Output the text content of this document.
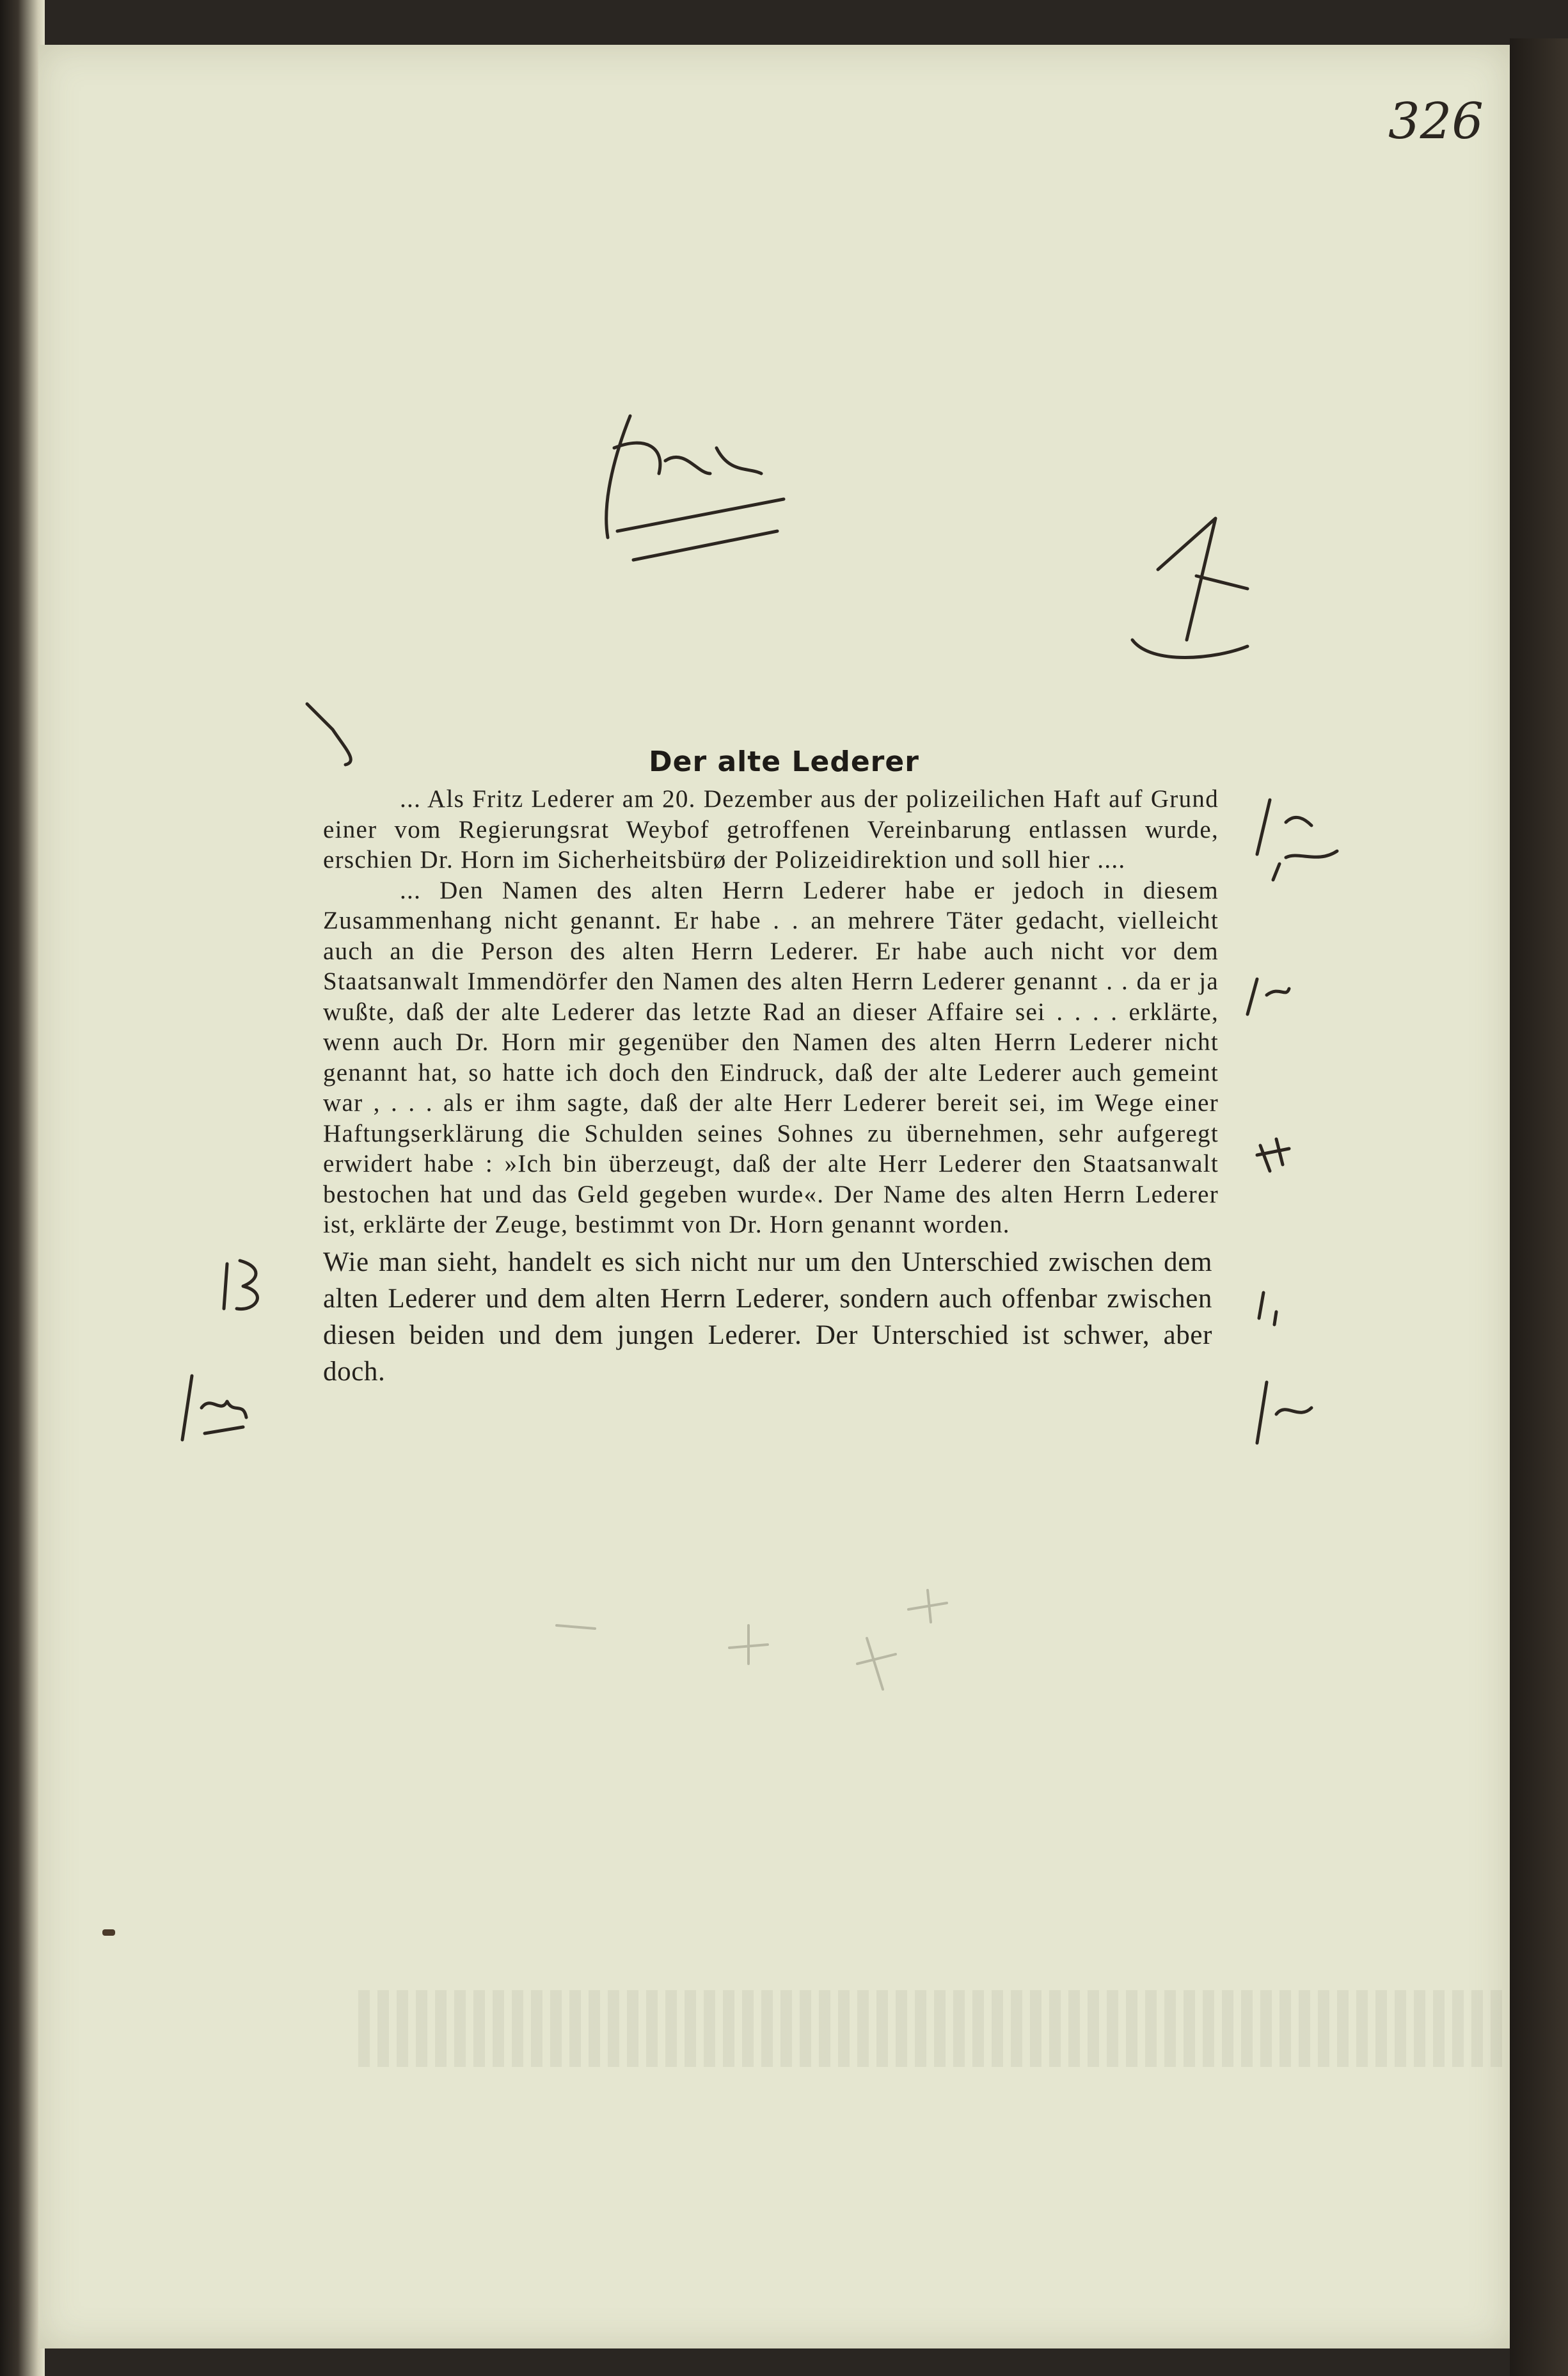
326
Der alte Lederer

... Als Fritz Lederer am 20. Dezember aus der polizeilichen Haft auf Grund einer vom Regierungsrat Weybof getroffenen Vereinbarung entlassen wurde, erschien Dr. Horn im Sicherheitsbürø der Polizeidirektion und soll hier ....

... Den Namen des alten Herrn Lederer habe er jedoch in diesem Zusammenhang nicht genannt. Er habe . . an mehrere Täter gedacht, vielleicht auch an die Person des alten Herrn Lederer. Er habe auch nicht vor dem Staatsanwalt Immendörfer den Namen des alten Herrn Lederer genannt . . da er ja wußte, daß der alte Lederer das letzte Rad an dieser Affaire sei . . . . erklärte, wenn auch Dr. Horn mir gegenüber den Namen des alten Herrn Lederer nicht genannt hat, so hatte ich doch den Eindruck, daß der alte Lederer auch gemeint war , . . . als er ihm sagte, daß der alte Herr Lederer bereit sei, im Wege einer Haftungserklärung die Schulden seines Sohnes zu übernehmen, sehr aufgeregt erwidert habe : »Ich bin überzeugt, daß der alte Herr Lederer den Staatsanwalt bestochen hat und das Geld gegeben wurde«. Der Name des alten Herrn Lederer ist, erklärte der Zeuge, bestimmt von Dr. Horn genannt worden.

Wie man sieht, handelt es sich nicht nur um den Unterschied zwischen dem alten Lederer und dem alten Herrn Lederer, sondern auch offenbar zwischen diesen beiden und dem jungen Lederer. Der Unterschied ist schwer, aber doch.
